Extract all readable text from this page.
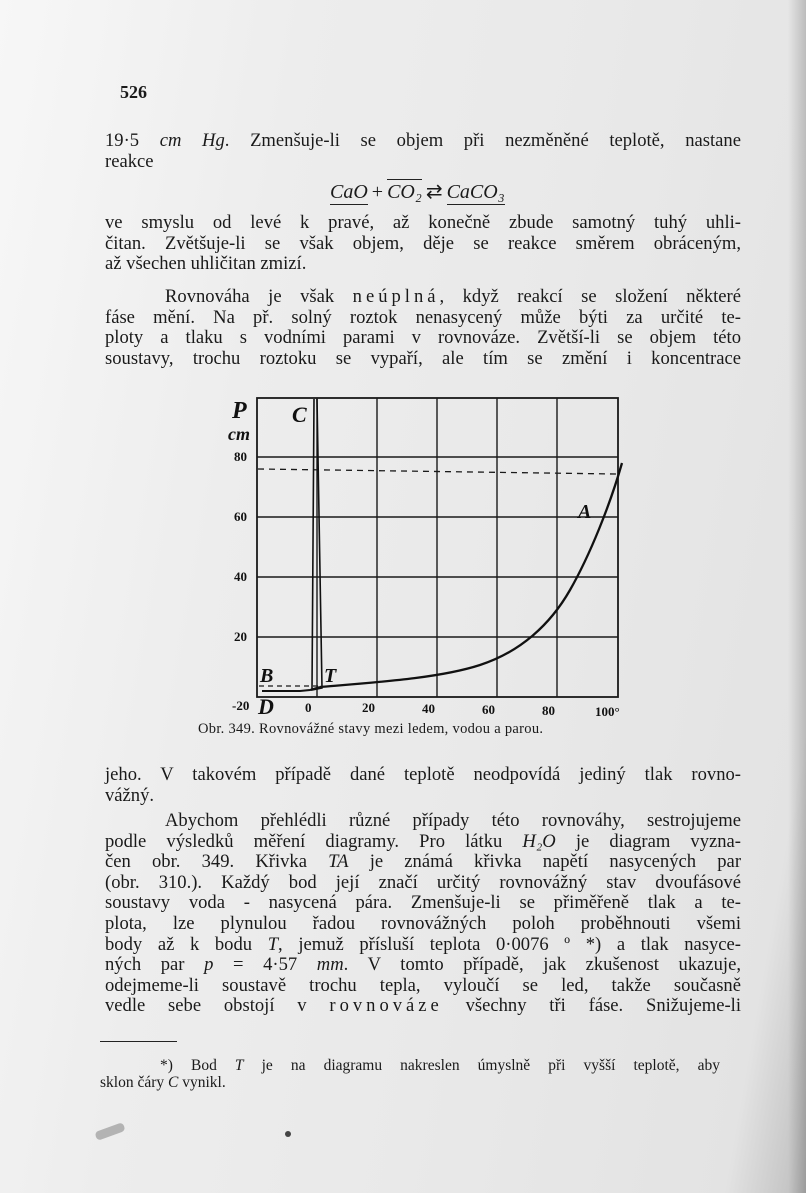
526
19·5 cm Hg. Zmenšuje-li se objem při nezměněné teplotě, nastane
reakce
CaO + CO₂ ⇄ CaCO₃
ve smyslu od levé k pravé, až konečně zbude samotný tuhý uhli-
čitan. Zvětšuje-li se však objem, děje se reakce směrem obráceným,
až všechen uhličitan zmizí.
Rovnováha je však neúplná, když reakcí se složení některé
fáse mění. Na př. solný roztok nenasycený může býti za určité te-
ploty a tlaku s vodními parami v rovnováze. Zvětší-li se objem této
soustavy, trochu roztoku se vypaří, ale tím se změní i koncentrace
P
cm
C
A
B	T
D
80
60
40
20
-20	0	20	40	60	80	100°
Obr. 349. Rovnovážné stavy mezi ledem, vodou a parou.
jeho. V takovém případě dané teplotě neodpovídá jediný tlak rovno-
vážný.
Abychom přehlédli různé případy této rovnováhy, sestrojujeme
podle výsledků měření diagramy. Pro látku H₂O je diagram vyzna-
čen obr. 349. Křivka TA je známá křivka napětí nasycených par
(obr. 310.). Každý bod její značí určitý rovnovážný stav dvoufásové
soustavy voda - nasycená pára. Zmenšuje-li se přiměřeně tlak a te-
plota, lze plynulou řadou rovnovážných poloh proběhnouti všemi
body až k bodu T, jemuž přísluší teplota 0·0076 º *) a tlak nasyce-
ných par p = 4·57 mm. V tomto případě, jak zkušenost ukazuje,
odejmeme-li soustavě trochu tepla, vyloučí se led, takže současně
vedle sebe obstojí v rovnováze všechny tři fáse. Snižujeme-li
*) Bod T je na diagramu nakreslen úmyslně při vyšší teplotě, aby
sklon čáry C vynikl.
